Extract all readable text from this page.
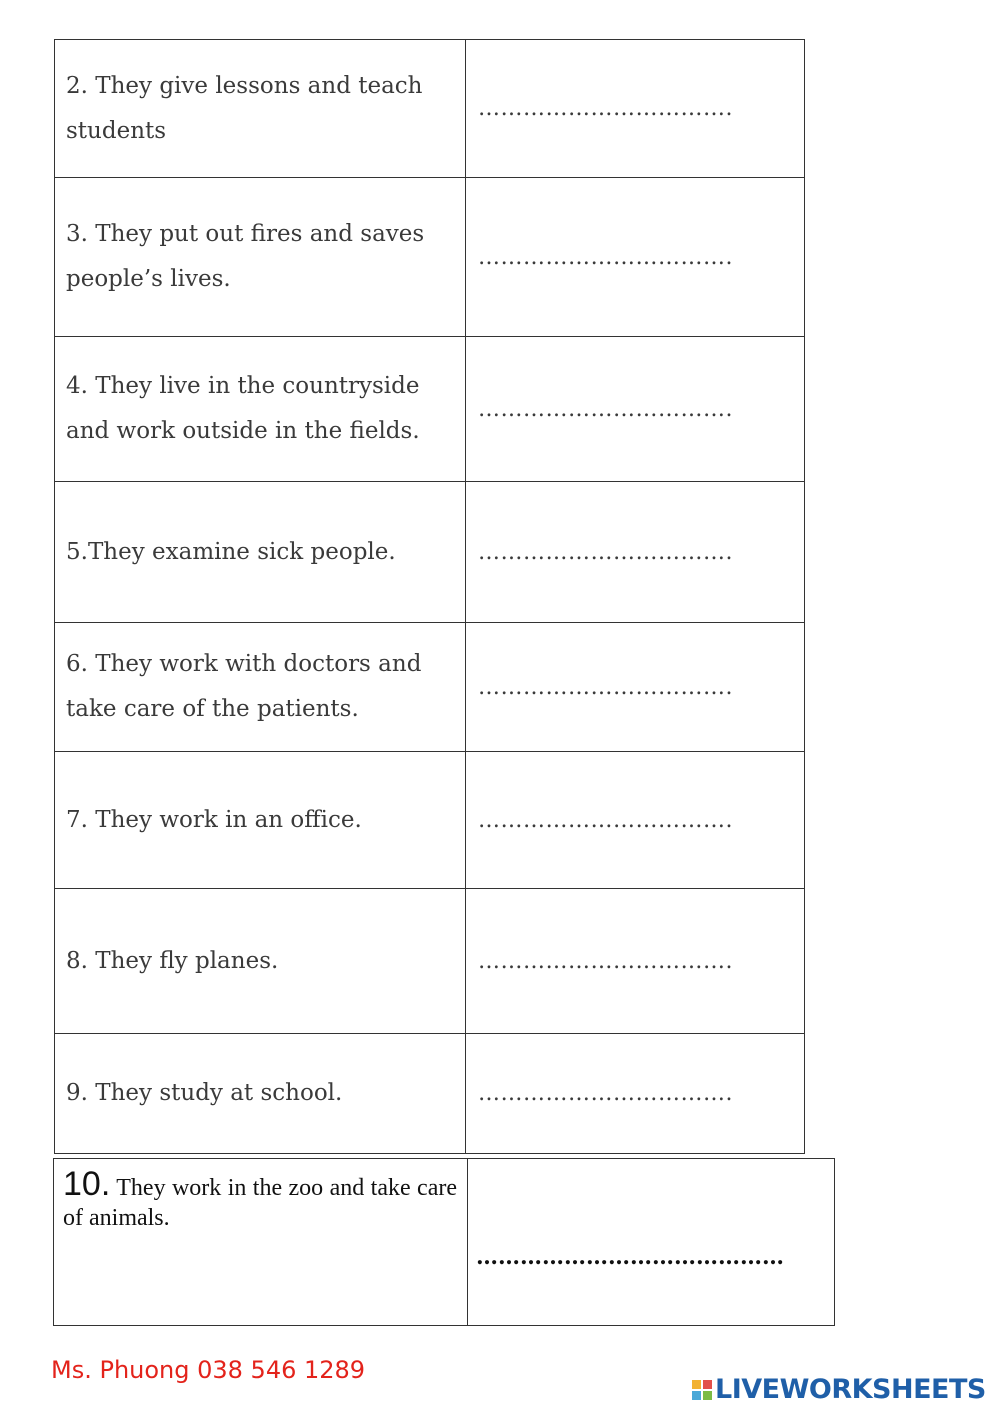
2. They give lessons and teach students	…………………………….
3. They put out fires and saves people’s lives.	…………………………….
4. They live in the countryside and work outside in the fields.	…………………………….
5.They examine sick people.	…………………………….
6. They work with doctors and take care of the patients.	…………………………….
7. They work in an office.	…………………………….
8. They fly planes.	…………………………….
9. They study at school.	…………………………….
10. They work in the zoo and take care of animals.	……………………………………
Ms. Phuong 038 546 1289
LIVEWORKSHEETS
